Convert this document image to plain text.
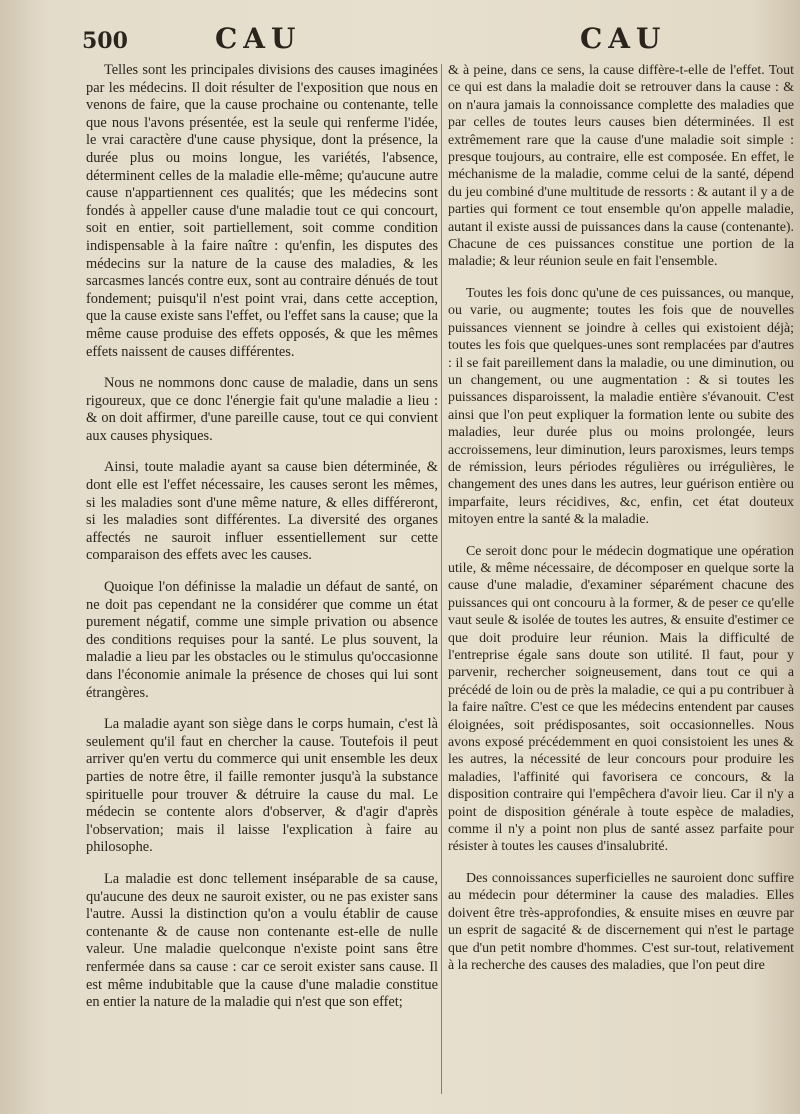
500	CAU	CAU

Telles sont les principales divisions des causes imaginées par les médecins. Il doit résulter de l'exposition que nous en venons de faire, que la cause prochaine ou contenante, telle que nous l'avons présentée, est la seule qui renferme l'idée, le vrai caractère d'une cause physique, dont la présence, la durée plus ou moins longue, les variétés, l'absence, déterminent celles de la maladie elle-même; qu'aucune autre cause n'appartiennent ces qualités; que les médecins sont fondés à appeller cause d'une maladie tout ce qui concourt, soit en entier, soit partiellement, soit comme condition indispensable à la faire naître : qu'enfin, les disputes des médecins sur la nature de la cause des maladies, & les sarcasmes lancés contre eux, sont au contraire dénués de tout fondement; puisqu'il n'est point vrai, dans cette acception, que la cause existe sans l'effet, ou l'effet sans la cause; que la même cause produise des effets opposés, & que les mêmes effets naissent de causes différentes.

Nous ne nommons donc cause de maladie, dans un sens rigoureux, que ce donc l'énergie fait qu'une maladie a lieu : & on doit affirmer, d'une pareille cause, tout ce qui convient aux causes physiques.

Ainsi, toute maladie ayant sa cause bien déterminée, & dont elle est l'effet nécessaire, les causes seront les mêmes, si les maladies sont d'une même nature, & elles différeront, si les maladies sont différentes. La diversité des organes affectés ne sauroit influer essentiellement sur cette comparaison des effets avec les causes.

Quoique l'on définisse la maladie un défaut de santé, on ne doit pas cependant ne la considérer que comme un état purement négatif, comme une simple privation ou absence des conditions requises pour la santé. Le plus souvent, la maladie a lieu par les obstacles ou le stimulus qu'occasionne dans l'économie animale la présence de choses qui lui sont étrangères.

La maladie ayant son siège dans le corps humain, c'est là seulement qu'il faut en chercher la cause. Toutefois il peut arriver qu'en vertu du commerce qui unit ensemble les deux parties de notre être, il faille remonter jusqu'à la substance spirituelle pour trouver & détruire la cause du mal. Le médecin se contente alors d'observer, & d'agir d'après l'observation; mais il laisse l'explication à faire au philosophe.

La maladie est donc tellement inséparable de sa cause, qu'aucune des deux ne sauroit exister, ou ne pas exister sans l'autre. Aussi la distinction qu'on a voulu établir de cause contenante & de cause non contenante est-elle de nulle valeur. Une maladie quelconque n'existe point sans être renfermée dans sa cause : car ce seroit exister sans cause. Il est même indubitable que la cause d'une maladie constitue en entier la nature de la maladie qui n'est que son effet;

& à peine, dans ce sens, la cause diffère-t-elle de l'effet. Tout ce qui est dans la maladie doit se retrouver dans la cause : & on n'aura jamais la connoissance complette des maladies que par celles de toutes leurs causes bien déterminées. Il est extrêmement rare que la cause d'une maladie soit simple : presque toujours, au contraire, elle est composée. En effet, le méchanisme de la maladie, comme celui de la santé, dépend du jeu combiné d'une multitude de ressorts : & autant il y a de parties qui forment ce tout ensemble qu'on appelle maladie, autant il existe aussi de puissances dans la cause (contenante). Chacune de ces puissances constitue une portion de la maladie; & leur réunion seule en fait l'ensemble.

Toutes les fois donc qu'une de ces puissances, ou manque, ou varie, ou augmente; toutes les fois que de nouvelles puissances viennent se joindre à celles qui existoient déjà; toutes les fois que quelques-unes sont remplacées par d'autres : il se fait pareillement dans la maladie, ou une diminution, ou un changement, ou une augmentation : & si toutes les puissances disparoissent, la maladie entière s'évanouit. C'est ainsi que l'on peut expliquer la formation lente ou subite des maladies, leur durée plus ou moins prolongée, leurs accroissemens, leur diminution, leurs paroxismes, leurs temps de rémission, leurs périodes régulières ou irrégulières, le changement des unes dans les autres, leur guérison entière ou imparfaite, leurs récidives, &c, enfin, cet état douteux mitoyen entre la santé & la maladie.

Ce seroit donc pour le médecin dogmatique une opération utile, & même nécessaire, de décomposer en quelque sorte la cause d'une maladie, d'examiner séparément chacune des puissances qui ont concouru à la former, & de peser ce qu'elle vaut seule & isolée de toutes les autres, & ensuite d'estimer ce que doit produire leur réunion. Mais la difficulté de l'entreprise égale sans doute son utilité. Il faut, pour y parvenir, rechercher soigneusement, dans tout ce qui a précédé de loin ou de près la maladie, ce qui a pu contribuer à la faire naître. C'est ce que les médecins entendent par causes éloignées, soit prédisposantes, soit occasionnelles. Nous avons exposé précédemment en quoi consistoient les unes & les autres, la nécessité de leur concours pour produire les maladies, l'affinité qui favorisera ce concours, & la disposition contraire qui l'empêchera d'avoir lieu. Car il n'y a point de disposition générale à toute espèce de maladies, comme il n'y a point non plus de santé assez parfaite pour résister à toutes les causes d'insalubrité.

Des connoissances superficielles ne sauroient donc suffire au médecin pour déterminer la cause des maladies. Elles doivent être très-approfondies, & ensuite mises en œuvre par un esprit de sagacité & de discernement qui n'est le partage que d'un petit nombre d'hommes. C'est sur-tout, relativement à la recherche des causes des maladies, que l'on peut dire
